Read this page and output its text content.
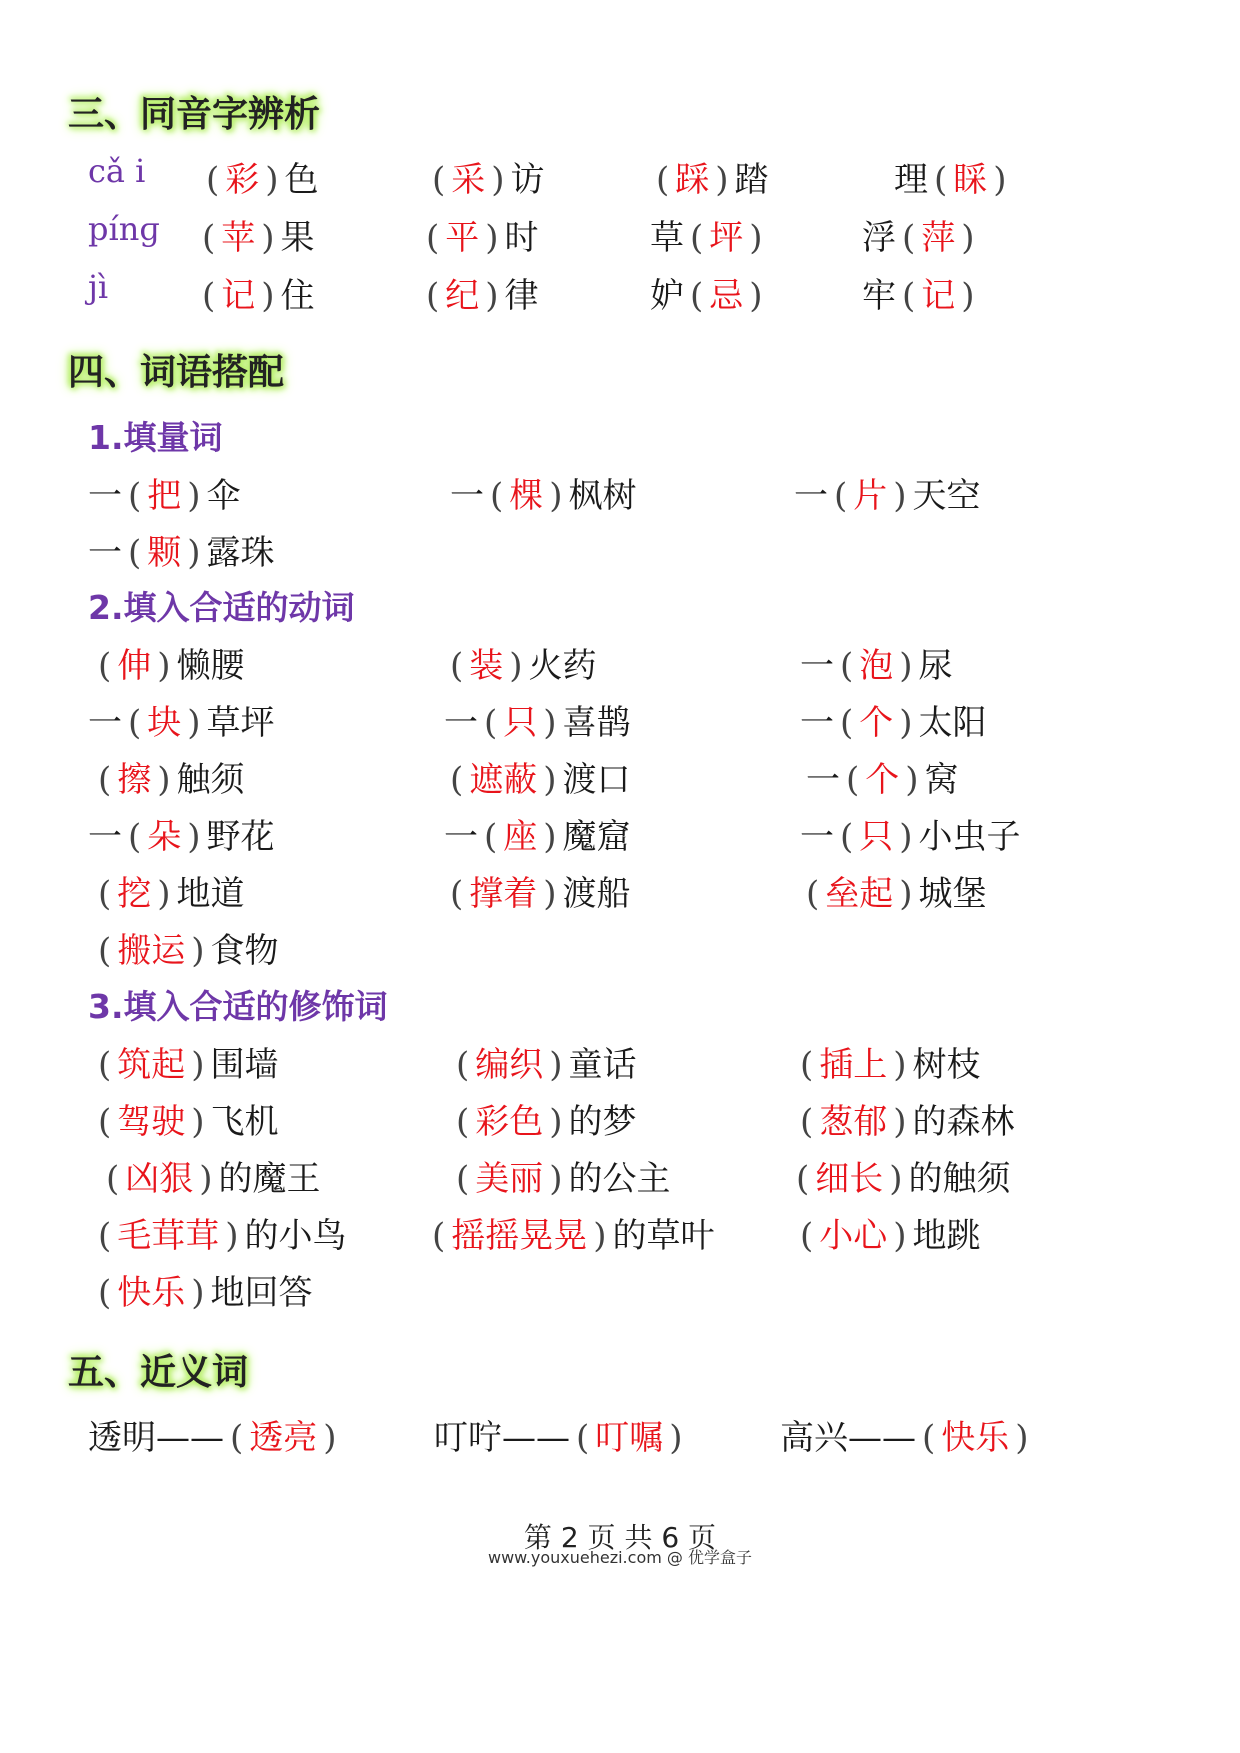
三、同音字辨析
cǎ i ( 彩 ) 色	( 采 ) 访	( 踩 ) 踏	理 ( 睬 )
pínɡ ( 苹 ) 果	( 平 ) 时	草 ( 坪 )	浮 ( 萍 )
jì	( 记 ) 住	( 纪 ) 律	妒 ( 忌 )	牢 ( 记 )
四、词语搭配
1.填量词
一 ( 把 ) 伞	一 ( 棵 ) 枫树	一 ( 片 ) 天空
一 ( 颗 ) 露珠
2.填入合适的动词
( 伸 ) 懒腰	( 装 ) 火药	一 ( 泡 ) 尿
一 ( 块 ) 草坪	一 ( 只 ) 喜鹊	一 ( 个 ) 太阳
( 擦 ) 触须	( 遮蔽 ) 渡口	一 ( 个 ) 窝
一 ( 朵 ) 野花	一 ( 座 ) 魔窟	一 ( 只 ) 小虫子
( 挖 ) 地道	( 撑着 ) 渡船	( 垒起 ) 城堡
( 搬运 ) 食物
3.填入合适的修饰词
( 筑起 ) 围墙	( 编织 ) 童话	( 插上 ) 树枝
( 驾驶 ) 飞机	( 彩色 ) 的梦	( 葱郁 ) 的森林
( 凶狠 ) 的魔王	( 美丽 ) 的公主	( 细长 ) 的触须
( 毛茸茸 ) 的小鸟	( 摇摇晃晃 ) 的草叶	( 小心 ) 地跳
( 快乐 ) 地回答
五、近义词
透明—— ( 透亮 )	叮咛—— ( 叮嘱 )	高兴—— ( 快乐 )
第 2 页 共 6 页
www.youxuehezi.com @ 优学盒子
